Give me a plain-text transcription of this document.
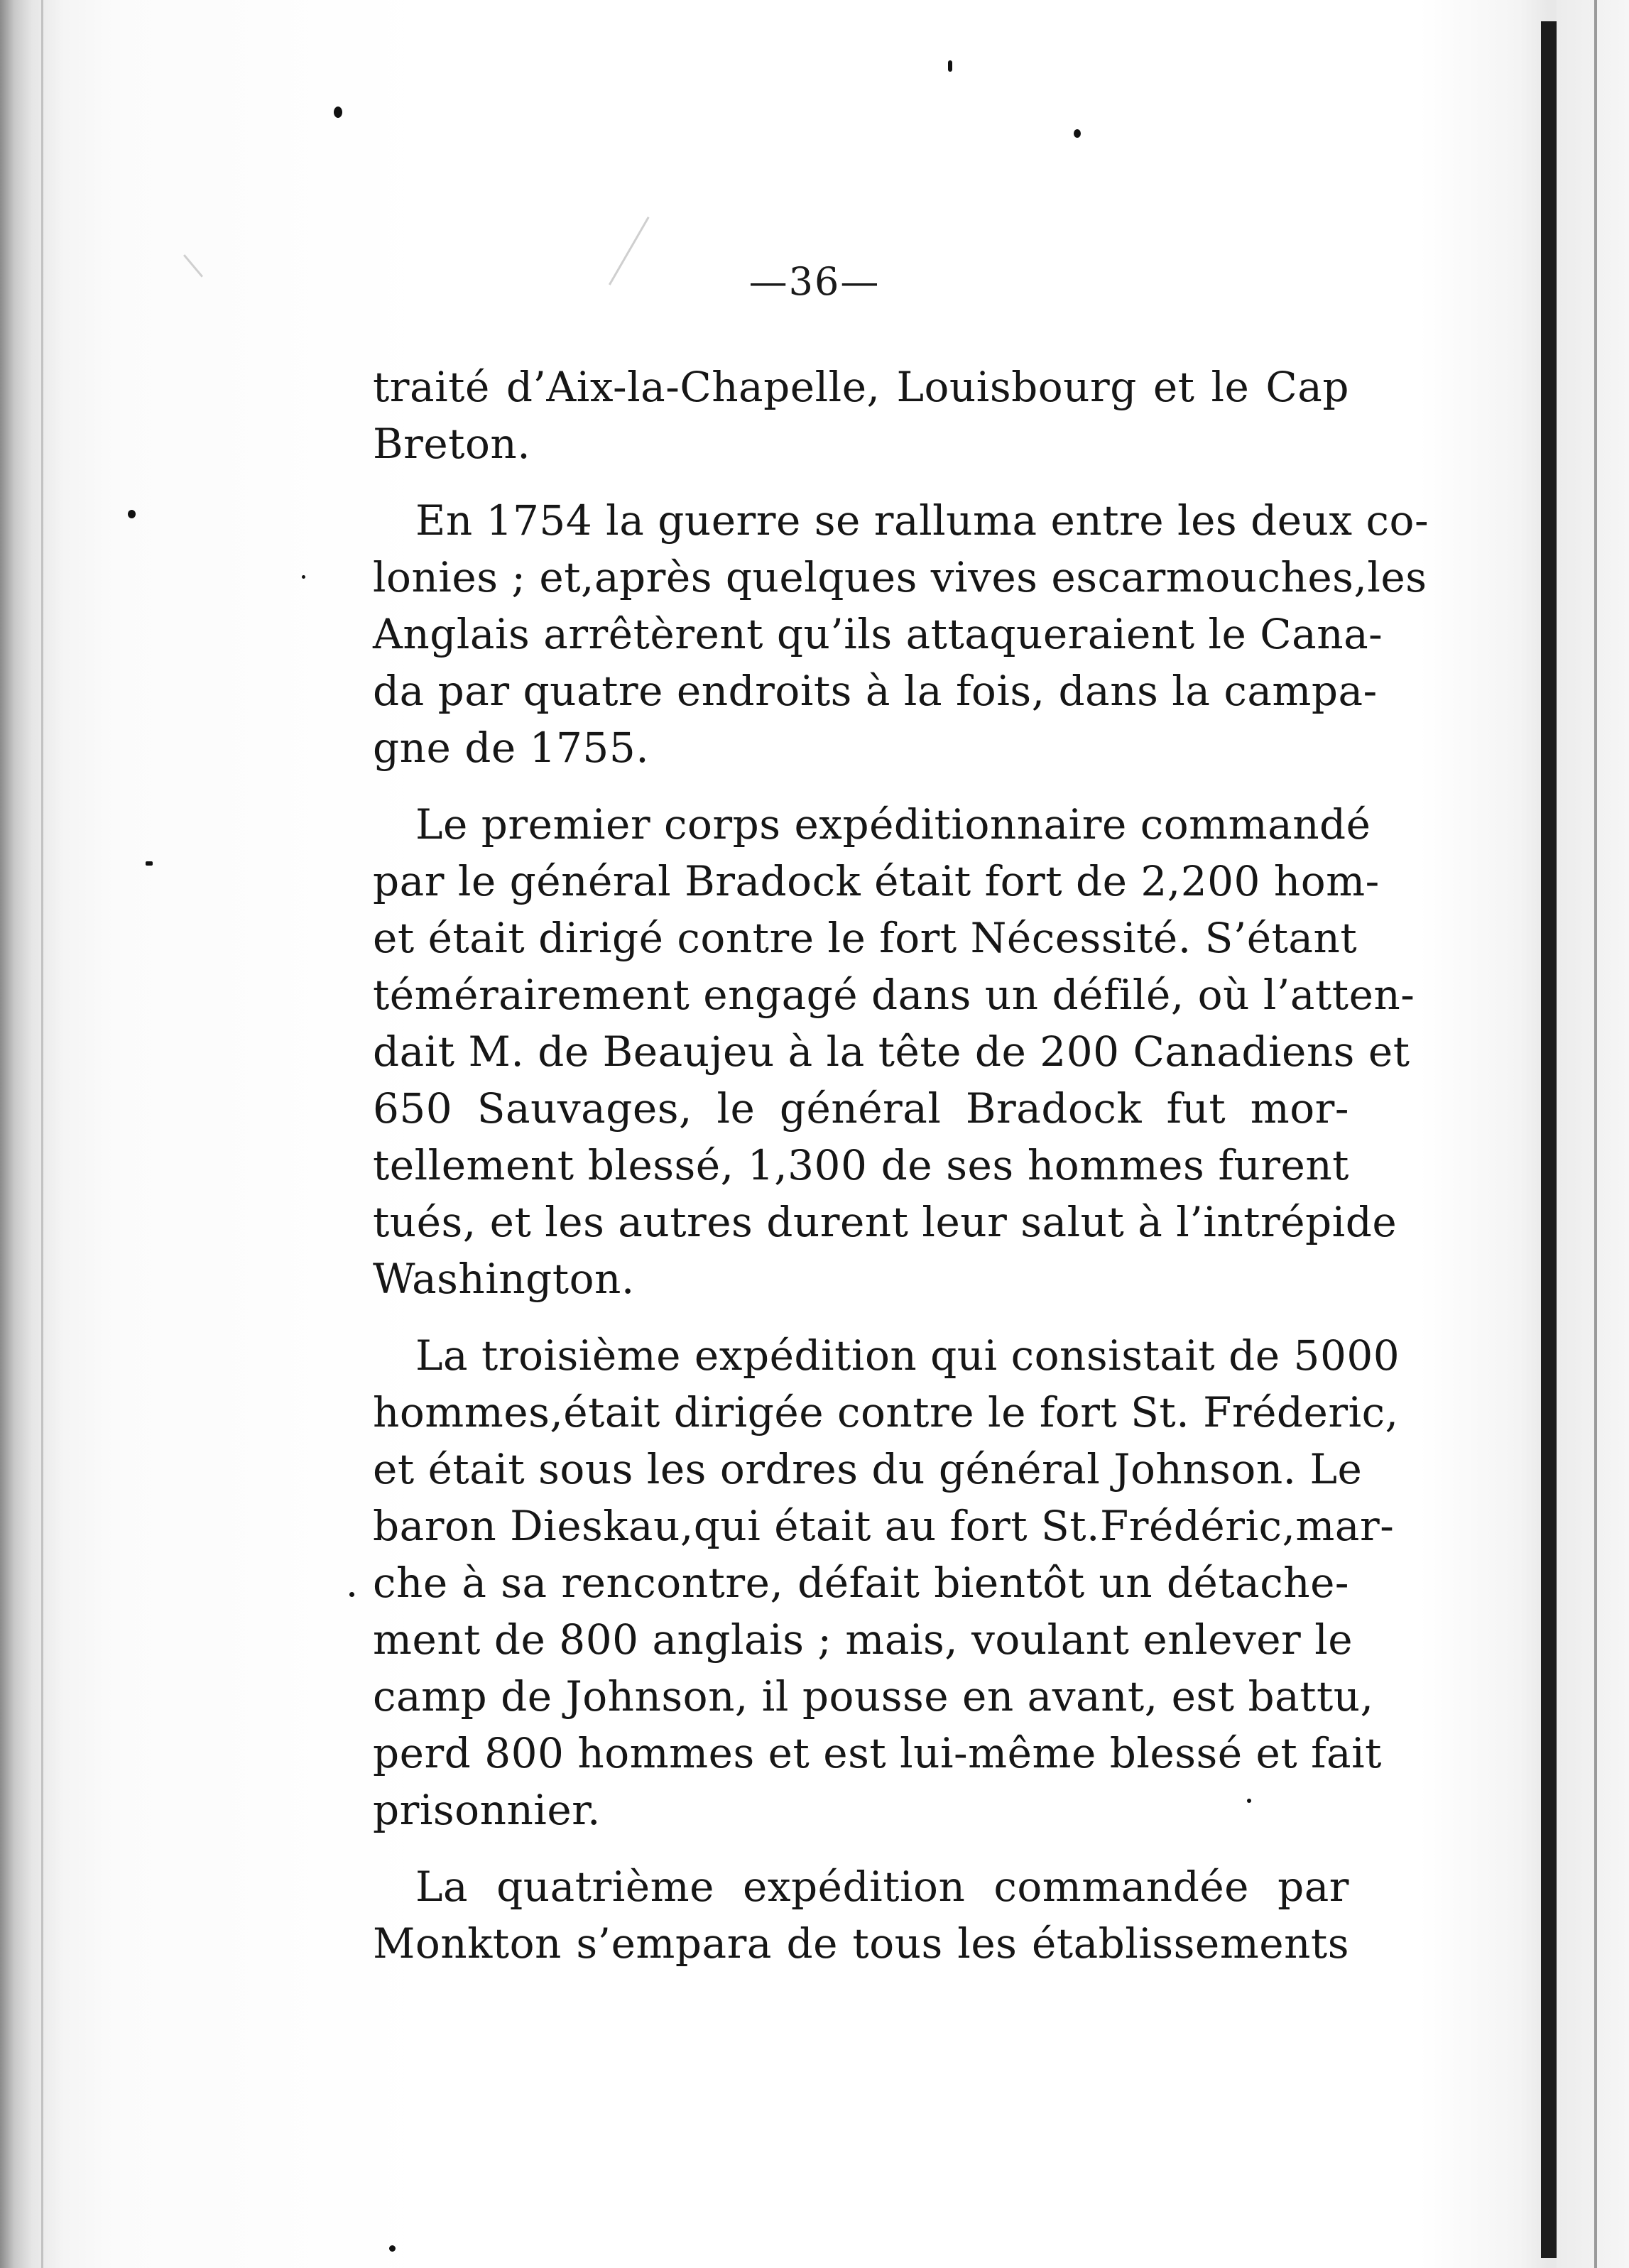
—36—
traité d’Aix-la-Chapelle, Louisbourg et le Cap
Breton.
En 1754 la guerre se ralluma entre les deux co-
lonies ; et,après quelques vives escarmouches,les
Anglais arrêtèrent qu’ils attaqueraient le Cana-
da par quatre endroits à la fois, dans la campa-
gne de 1755.
Le premier corps expéditionnaire commandé
par le général Bradock était fort de 2,200 hom-
et était dirigé contre le fort Nécessité. S’étant
témérairement engagé dans un défilé, où l’atten-
dait M. de Beaujeu à la tête de 200 Canadiens et
650 Sauvages, le général Bradock fut mor-
tellement blessé, 1,300 de ses hommes furent
tués, et les autres durent leur salut à l’intrépide
Washington.
La troisième expédition qui consistait de 5000
hommes,était dirigée contre le fort St. Fréderic,
et était sous les ordres du général Johnson. Le
baron Dieskau,qui était au fort St.Frédéric,mar-
che à sa rencontre, défait bientôt un détache-
ment de 800 anglais ; mais, voulant enlever le
camp de Johnson, il pousse en avant, est battu,
perd 800 hommes et est lui-même blessé et fait
prisonnier.
La quatrième expédition commandée par
Monkton s’empara de tous les établissements
